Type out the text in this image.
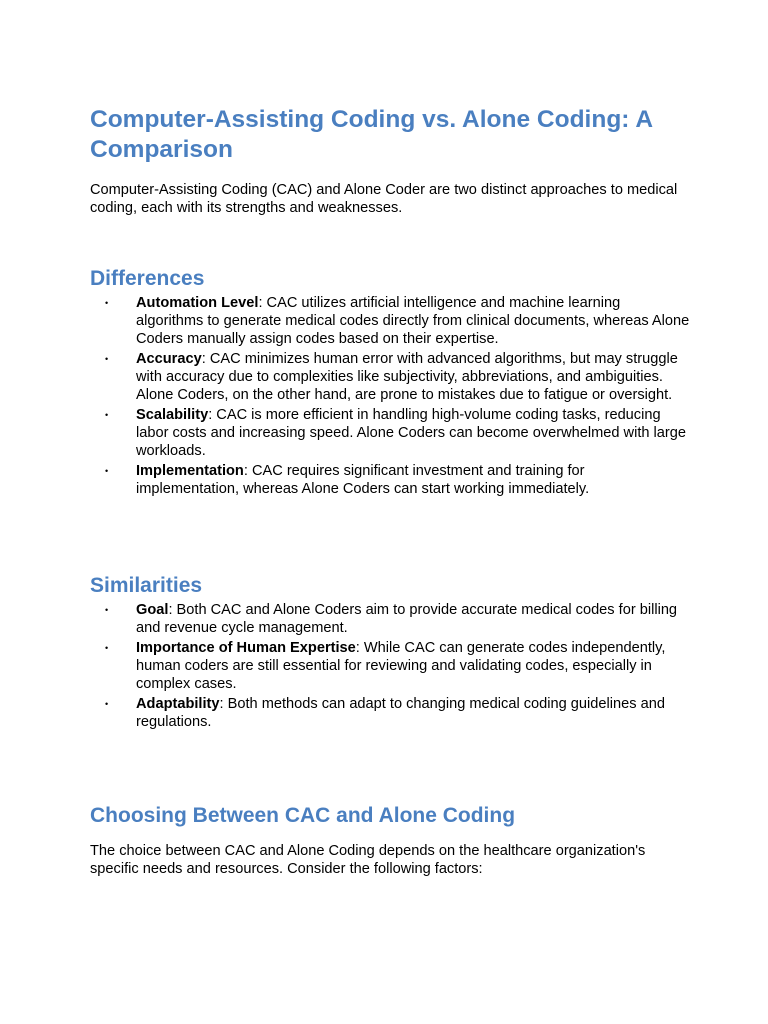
Computer-Assisting Coding vs. Alone Coding: A Comparison

Computer-Assisting Coding (CAC) and Alone Coder are two distinct approaches to medical coding, each with its strengths and weaknesses.

Differences
• Automation Level: CAC utilizes artificial intelligence and machine learning algorithms to generate medical codes directly from clinical documents, whereas Alone Coders manually assign codes based on their expertise.
• Accuracy: CAC minimizes human error with advanced algorithms, but may struggle with accuracy due to complexities like subjectivity, abbreviations, and ambiguities. Alone Coders, on the other hand, are prone to mistakes due to fatigue or oversight.
• Scalability: CAC is more efficient in handling high-volume coding tasks, reducing labor costs and increasing speed. Alone Coders can become overwhelmed with large workloads.
• Implementation: CAC requires significant investment and training for implementation, whereas Alone Coders can start working immediately.
Similarities
• Goal: Both CAC and Alone Coders aim to provide accurate medical codes for billing and revenue cycle management.
• Importance of Human Expertise: While CAC can generate codes independently, human coders are still essential for reviewing and validating codes, especially in complex cases.
• Adaptability: Both methods can adapt to changing medical coding guidelines and regulations.
Choosing Between CAC and Alone Coding

The choice between CAC and Alone Coding depends on the healthcare organization's specific needs and resources. Consider the following factors:
